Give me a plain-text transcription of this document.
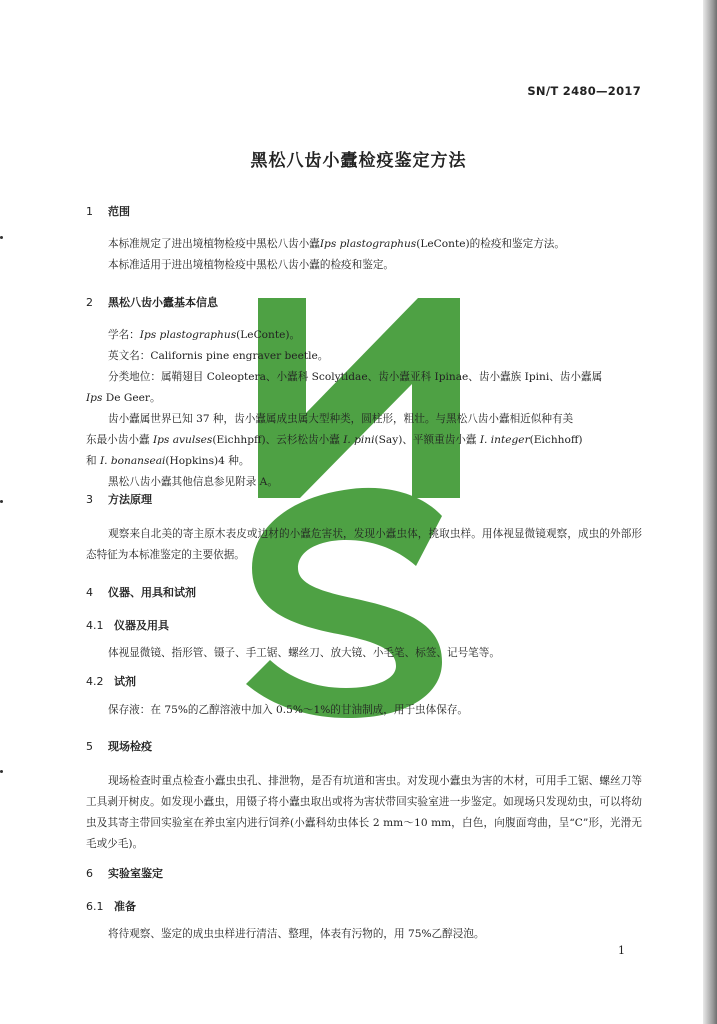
SN/T 2480—2017
黑松八齿小蠹检疫鉴定方法
1 范围

本标准规定了进出境植物检疫中黑松八齿小蠹Ips plastographus(LeConte)的检疫和鉴定方法。

本标准适用于进出境植物检疫中黑松八齿小蠹的检疫和鉴定。

2 黑松八齿小蠹基本信息

学名：Ips plastographus(LeConte)。

英文名：Californis pine engraver beetle。

分类地位：属鞘翅目 Coleoptera、小蠹科 Scolytidae、齿小蠹亚科 Ipinae、齿小蠹族 Ipini、齿小蠹属

Ips De Geer。

齿小蠹属世界已知 37 种，齿小蠹属成虫属大型种类，圆柱形，粗壮。与黑松八齿小蠹相近似种有美

东最小齿小蠹 Ips avulses(Eichhpff)、云杉松齿小蠹 I. pini(Say)、平额重齿小蠹 I. integer(Eichhoff)

和 I. bonanseai(Hopkins)4 种。

黑松八齿小蠹其他信息参见附录 A。

3 方法原理

观察来自北美的寄主原木表皮或边材的小蠹危害状，发现小蠹虫体，挑取虫样。用体视显微镜观察，成虫的外部形态特征为本标准鉴定的主要依据。

4 仪器、用具和试剂
4.1 仪器及用具

体视显微镜、指形管、镊子、手工锯、螺丝刀、放大镜、小毛笔、标签、记号笔等。

4.2 试剂

保存液：在 75%的乙醇溶液中加入 0.5%～1%的甘油制成，用于虫体保存。

5 现场检疫

现场检查时重点检查小蠹虫虫孔、排泄物，是否有坑道和害虫。对发现小蠹虫为害的木材，可用手工锯、螺丝刀等工具剥开树皮。如发现小蠹虫，用镊子将小蠹虫取出或将为害状带回实验室进一步鉴定。如现场只发现幼虫，可以将幼虫及其寄主带回实验室在养虫室内进行饲养(小蠹科幼虫体长 2 mm～10 mm，白色，向腹面弯曲，呈“C”形，光滑无毛或少毛)。

6 实验室鉴定
6.1 准备

将待观察、鉴定的成虫虫样进行清洁、整理，体表有污物的，用 75%乙醇浸泡。

1
